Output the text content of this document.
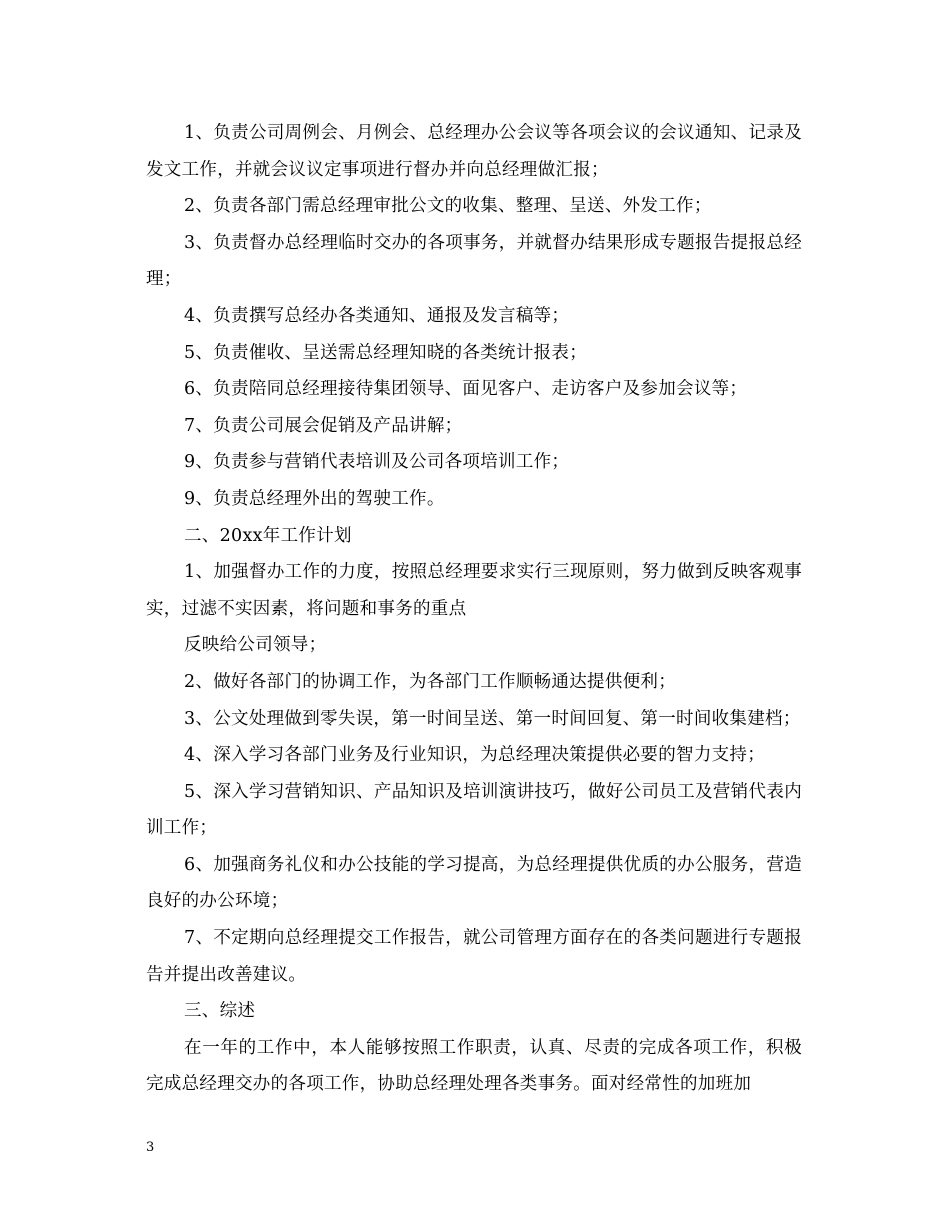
1、负责公司周例会、月例会、总经理办公会议等各项会议的会议通知、记录及发文工作，并就会议议定事项进行督办并向总经理做汇报；

2、负责各部门需总经理审批公文的收集、整理、呈送、外发工作；

3、负责督办总经理临时交办的各项事务，并就督办结果形成专题报告提报总经理；

4、负责撰写总经办各类通知、通报及发言稿等；

5、负责催收、呈送需总经理知晓的各类统计报表；

6、负责陪同总经理接待集团领导、面见客户、走访客户及参加会议等；

7、负责公司展会促销及产品讲解；

9、负责参与营销代表培训及公司各项培训工作；

9、负责总经理外出的驾驶工作。

二、20xx年工作计划

1、加强督办工作的力度，按照总经理要求实行三现原则，努力做到反映客观事实，过滤不实因素，将问题和事务的重点

反映给公司领导；

2、做好各部门的协调工作，为各部门工作顺畅通达提供便利；

3、公文处理做到零失误，第一时间呈送、第一时间回复、第一时间收集建档；

4、深入学习各部门业务及行业知识，为总经理决策提供必要的智力支持；

5、深入学习营销知识、产品知识及培训演讲技巧，做好公司员工及营销代表内训工作；

6、加强商务礼仪和办公技能的学习提高，为总经理提供优质的办公服务，营造良好的办公环境；

7、不定期向总经理提交工作报告，就公司管理方面存在的各类问题进行专题报告并提出改善建议。

三、综述

在一年的工作中，本人能够按照工作职责，认真、尽责的完成各项工作，积极完成总经理交办的各项工作，协助总经理处理各类事务。面对经常性的加班加

3
